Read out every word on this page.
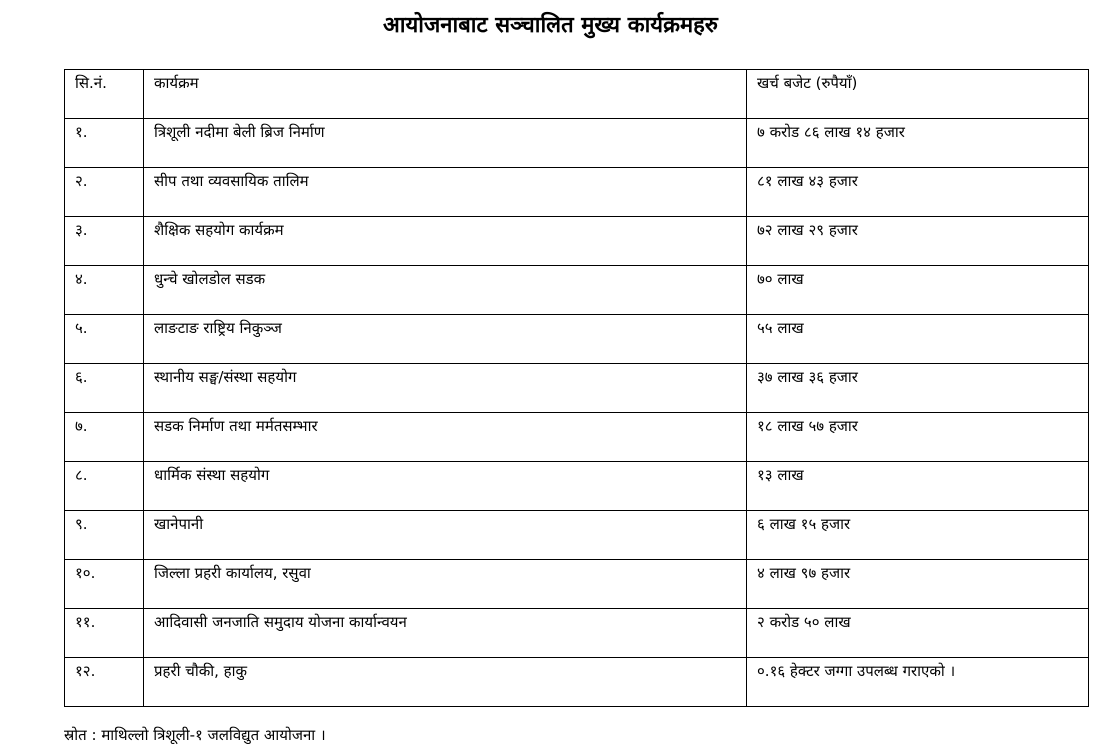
आयोजनाबाट सञ्चालित मुख्य कार्यक्रमहरु
सि.नं.	कार्यक्रम	खर्च बजेट (रुपैयाँ)
१.	त्रिशूली नदीमा बेली ब्रिज निर्माण	७ करोड ८६ लाख १४ हजार
२.	सीप तथा व्यवसायिक तालिम	८१ लाख ४३ हजार
३.	शैक्षिक सहयोग कार्यक्रम	७२ लाख २९ हजार
४.	धुन्चे खोलडोल सडक	७० लाख
५.	लाङटाङ राष्ट्रिय निकुञ्ज	५५ लाख
६.	स्थानीय सङ्घ/संस्था सहयोग	३७ लाख ३६ हजार
७.	सडक निर्माण तथा मर्मतसम्भार	१८ लाख ५७ हजार
८.	धार्मिक संस्था सहयोग	१३ लाख
९.	खानेपानी	६ लाख १५ हजार
१०.	जिल्ला प्रहरी कार्यालय, रसुवा	४ लाख ९७ हजार
११.	आदिवासी जनजाति समुदाय योजना कार्यान्वयन	२ करोड ५० लाख
१२.	प्रहरी चौकी, हाकु	०.१६ हेक्टर जग्गा उपलब्ध गराएको ।

स्रोत : माथिल्लो त्रिशूली-१ जलविद्युत आयोजना ।
